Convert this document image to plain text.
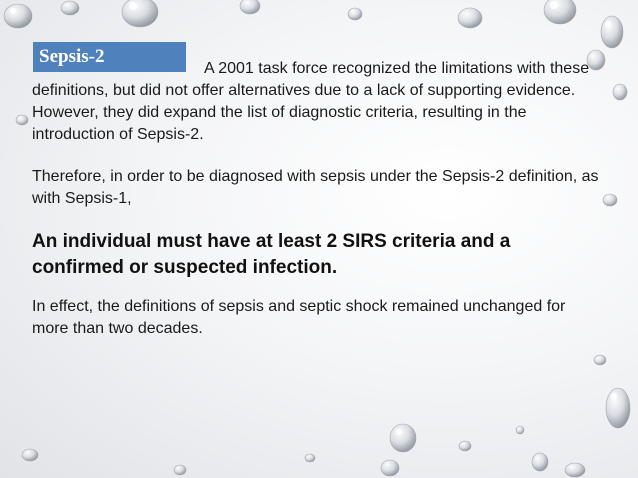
Sepsis-2

A 2001 task force recognized the limitations with these definitions, but did not offer alternatives due to a lack of supporting evidence. However, they did expand the list of diagnostic criteria, resulting in the introduction of Sepsis-2.

Therefore, in order to be diagnosed with sepsis under the Sepsis-2 definition, as with Sepsis-1,

An individual must have at least 2 SIRS criteria and a confirmed or suspected infection.

In effect, the definitions of sepsis and septic shock remained unchanged for more than two decades.
